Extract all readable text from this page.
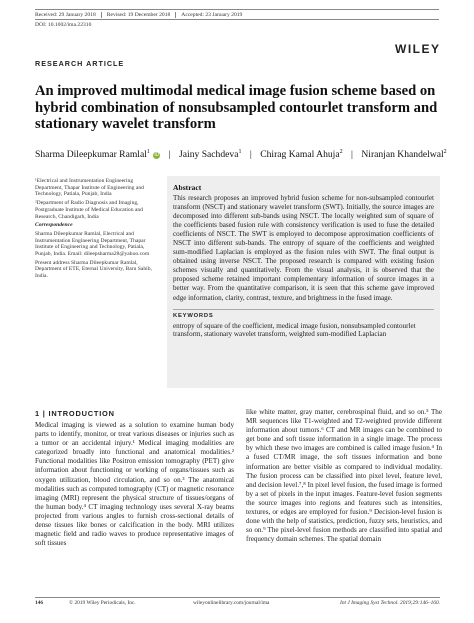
Received: 29 January 2018	Revised: 19 December 2018	Accepted: 23 January 2019
DOI: 10.1002/ima.22310
WILEY
RESEARCH ARTICLE
An improved multimodal medical image fusion scheme based on hybrid combination of nonsubsampled contourlet transform and stationary wavelet transform
Sharma Dileepkumar Ramlal$^1$ iD | Jainy Sachdeva$^1$ | Chirag Kamal Ahuja$^2$ | Niranjan Khandelwal$^2$

¹Electrical and Instrumentation Engineering Department, Thapar Institute of Engineering and Technology, Patiala, Punjab, India

²Department of Radio Diagnosis and Imaging, Postgraduate Institute of Medical Education and Research, Chandigarh, India

Correspondence

Sharma Dileepkumar Ramlal, Electrical and Instrumentation Engineering Department, Thapar Institute of Engineering and Technology, Patiala, Punjab, India. Email: dileepsharma28@yahoo.com

Present address Sharma Dileepkumar Ramlal, Department of ETE, Eternal University, Baru Sahib, India.

Abstract
This research proposes an improved hybrid fusion scheme for non-subsampled contourlet transform (NSCT) and stationary wavelet transform (SWT). Initially, the source images are decomposed into different sub-bands using NSCT. The locally weighted sum of square of the coefficients based fusion rule with consistency verification is used to fuse the detailed coefficients of NSCT. The SWT is employed to decompose approximation coefficients of NSCT into different sub-bands. The entropy of square of the coefficients and weighted sum-modified Laplacian is employed as the fusion rules with SWT. The final output is obtained using inverse NSCT. The proposed research is compared with existing fusion schemes visually and quantitatively. From the visual analysis, it is observed that the proposed scheme retained important complementary information of source images in a better way. From the quantitative comparison, it is seen that this scheme gave improved edge information, clarity, contrast, texture, and brightness in the fused image.
KEYWORDS
entropy of square of the coefficient, medical image fusion, nonsubsampled contourlet transform, stationary wavelet transform, weighted sum-modified Laplacian
1 | INTRODUCTION
Medical imaging is viewed as a solution to examine human body parts to identify, monitor, or treat various diseases or injuries such as a tumor or an accidental injury.¹ Medical imaging modalities are categorized broadly into functional and anatomical modalities.² Functional modalities like Positron emission tomography (PET) give information about functioning or working of organs/tissues such as oxygen utilization, blood circulation, and so on.³ The anatomical modalities such as computed tomography (CT) or magnetic resonance imaging (MRI) represent the physical structure of tissues/organs of the human body.⁴ CT imaging technology uses several X-ray beams projected from various angles to furnish cross-sectional details of dense tissues like bones or calcification in the body. MRI utilizes magnetic field and radio waves to produce representative images of soft tissues
like white matter, gray matter, cerebrospinal fluid, and so on.⁵ The MR sequences like T1-weighted and T2-weighted provide different information about tumors.⁶ CT and MR images can be combined to get bone and soft tissue information in a single image. The process by which these two images are combined is called image fusion.⁴ In a fused CT/MR image, the soft tissues information and bone information are better visible as compared to individual modality. The fusion process can be classified into pixel level, feature level, and decision level.⁷,⁸ In pixel level fusion, the fused image is formed by a set of pixels in the input images. Feature-level fusion segments the source images into regions and features such as intensities, textures, or edges are employed for fusion.⁹ Decision-level fusion is done with the help of statistics, prediction, fuzzy sets, heuristics, and so on.⁹ The pixel-level fusion methods are classified into spatial and frequency domain schemes. The spatial domain
146	© 2019 Wiley Periodicals, Inc.	wileyonlinelibrary.com/journal/ima	Int J Imaging Syst Technol. 2019;29:146–160.
